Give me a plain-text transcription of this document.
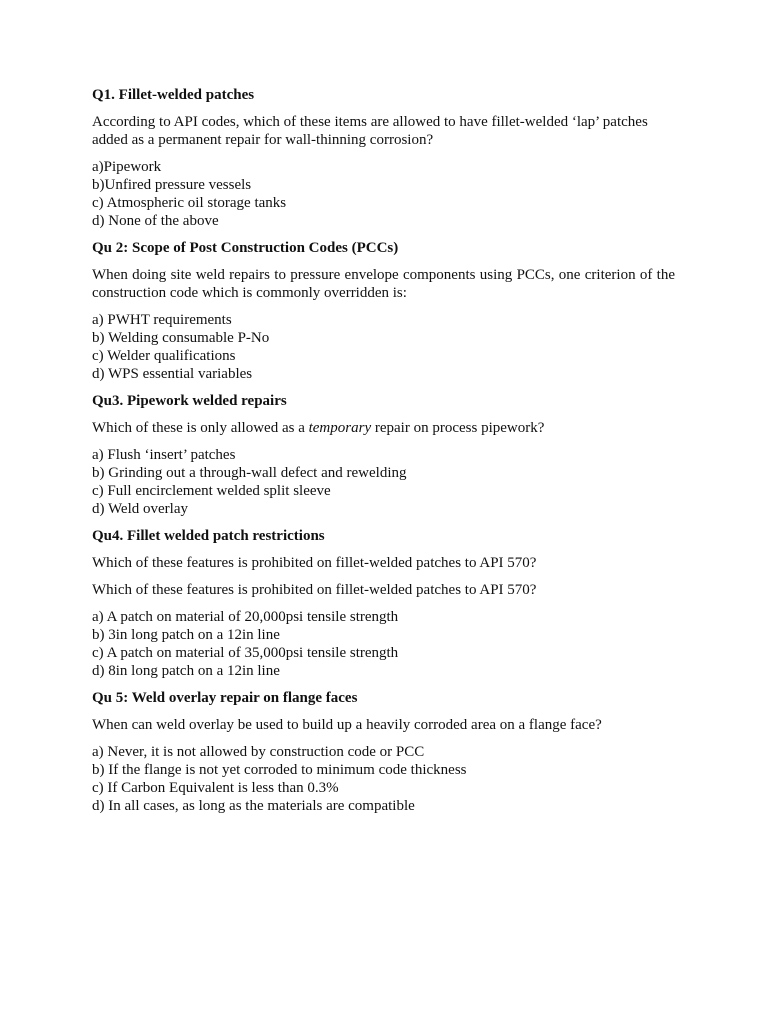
Q1. Fillet-welded patches
According to API codes, which of these items are allowed to have fillet-welded ‘lap’ patches added as a permanent repair for wall-thinning corrosion?
a)Pipework
b)Unfired pressure vessels
c) Atmospheric oil storage tanks
d) None of the above
Qu 2: Scope of Post Construction Codes (PCCs)
When doing site weld repairs to pressure envelope components using PCCs, one criterion of the construction code which is commonly overridden is:
a) PWHT requirements
b) Welding consumable P-No
c) Welder qualifications
d) WPS essential variables
Qu3. Pipework welded repairs
Which of these is only allowed as a temporary repair on process pipework?
a) Flush ‘insert’ patches
b) Grinding out a through-wall defect and rewelding
c) Full encirclement welded split sleeve
d) Weld overlay
Qu4. Fillet welded patch restrictions
Which of these features is prohibited on fillet-welded patches to API 570?
Which of these features is prohibited on fillet-welded patches to API 570?
a) A patch on material of 20,000psi tensile strength
b) 3in long patch on a 12in line
c) A patch on material of 35,000psi tensile strength
d) 8in long patch on a 12in line
Qu 5: Weld overlay repair on flange faces
When can weld overlay be used to build up a heavily corroded area on a flange face?
a) Never, it is not allowed by construction code or PCC
b) If the flange is not yet corroded to minimum code thickness
c) If Carbon Equivalent is less than 0.3%
d) In all cases, as long as the materials are compatible
